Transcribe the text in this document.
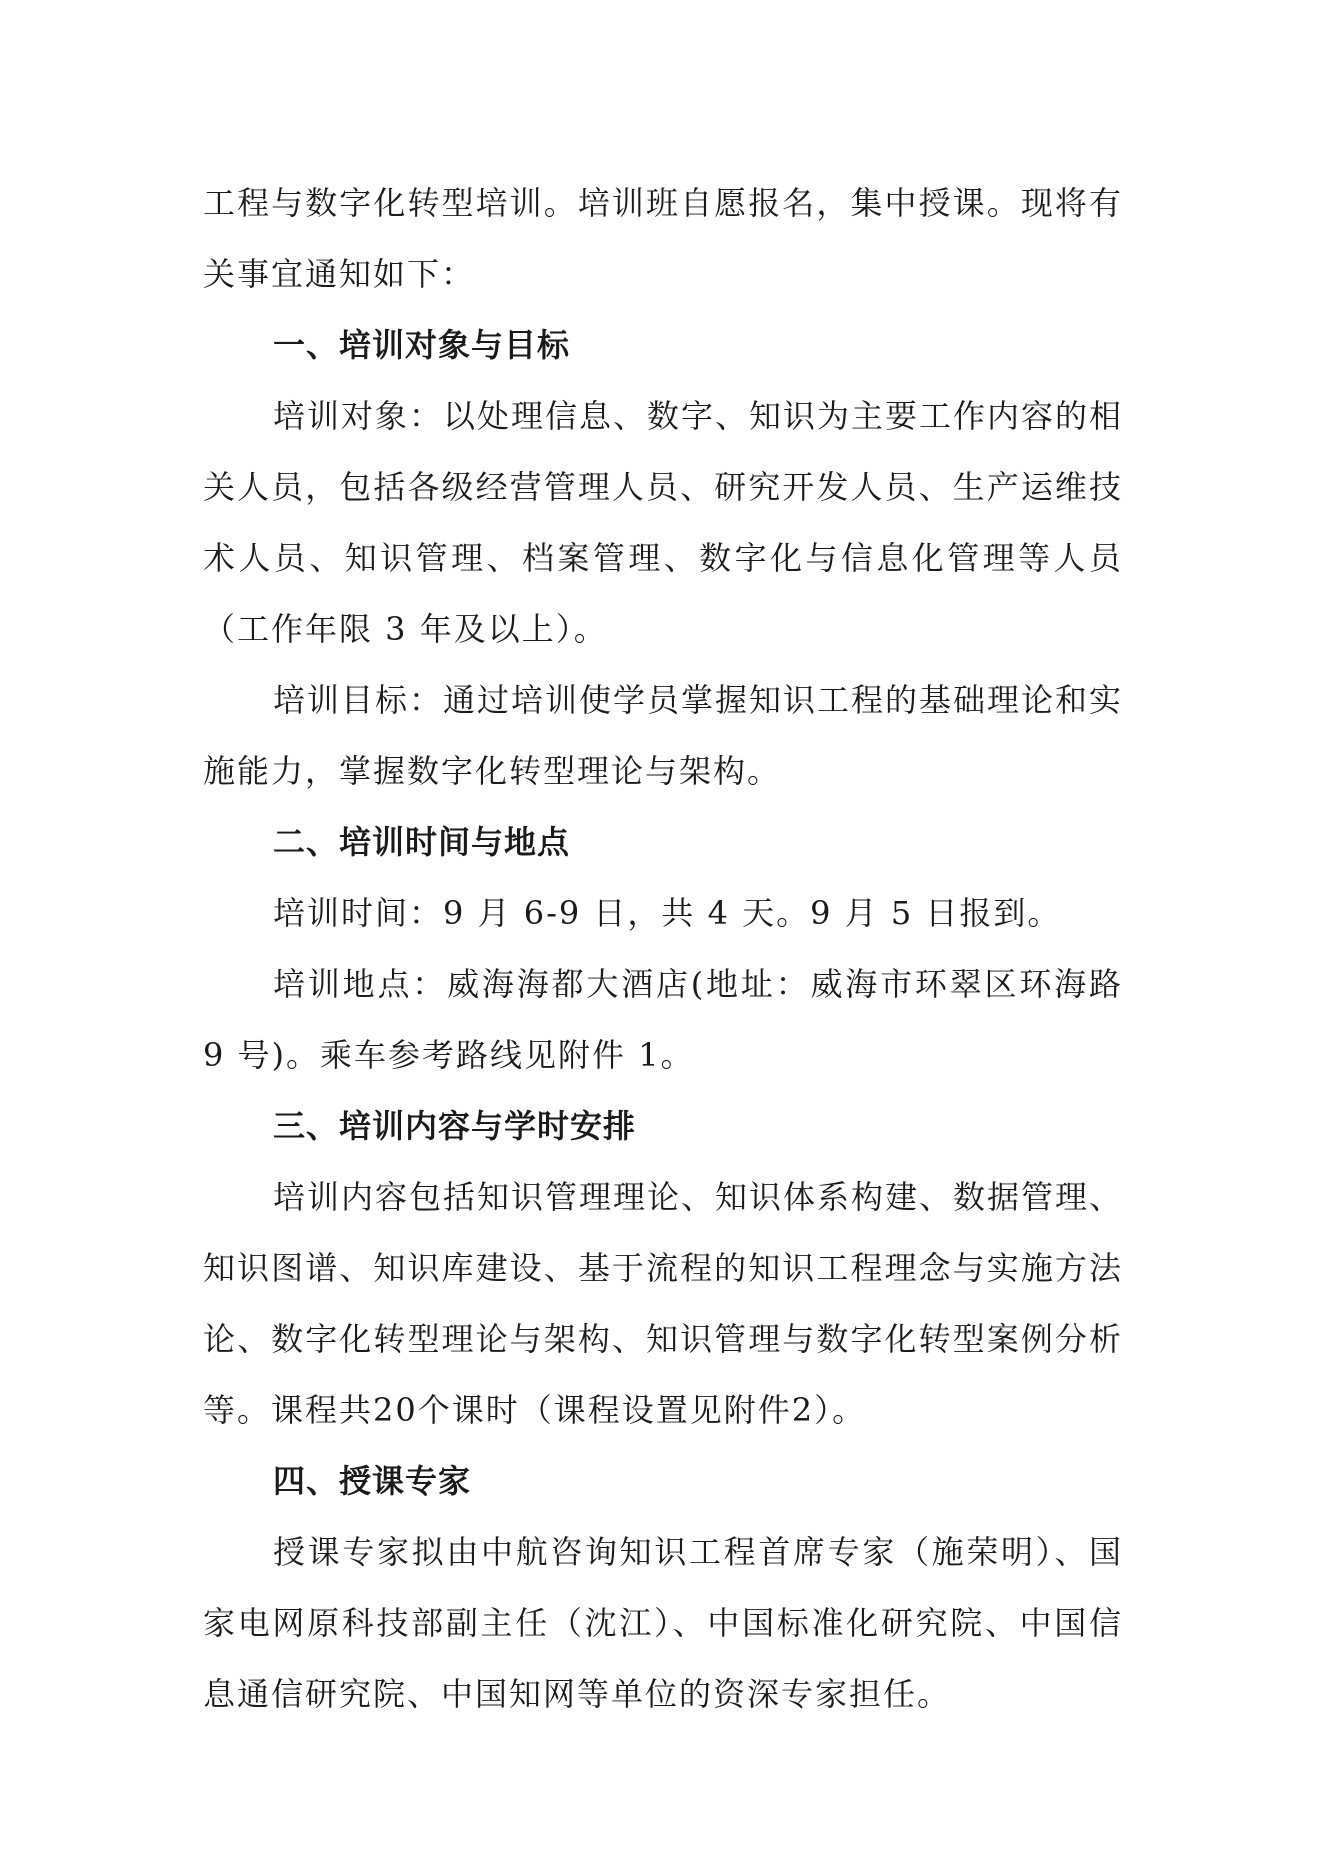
工程与数字化转型培训。培训班自愿报名，集中授课。现将有关事宜通知如下：

一、培训对象与目标

培训对象：以处理信息、数字、知识为主要工作内容的相关人员，包括各级经营管理人员、研究开发人员、生产运维技术人员、知识管理、档案管理、数字化与信息化管理等人员（工作年限 3 年及以上）。

培训目标：通过培训使学员掌握知识工程的基础理论和实施能力，掌握数字化转型理论与架构。

二、培训时间与地点

培训时间：9 月 6-9 日，共 4 天。9 月 5 日报到。

培训地点：威海海都大酒店(地址：威海市环翠区环海路 9 号)。乘车参考路线见附件 1。

三、培训内容与学时安排

培训内容包括知识管理理论、知识体系构建、数据管理、知识图谱、知识库建设、基于流程的知识工程理念与实施方法论、数字化转型理论与架构、知识管理与数字化转型案例分析等。课程共20个课时（课程设置见附件2）。

四、授课专家

授课专家拟由中航咨询知识工程首席专家（施荣明）、国家电网原科技部副主任（沈江）、中国标准化研究院、中国信息通信研究院、中国知网等单位的资深专家担任。
